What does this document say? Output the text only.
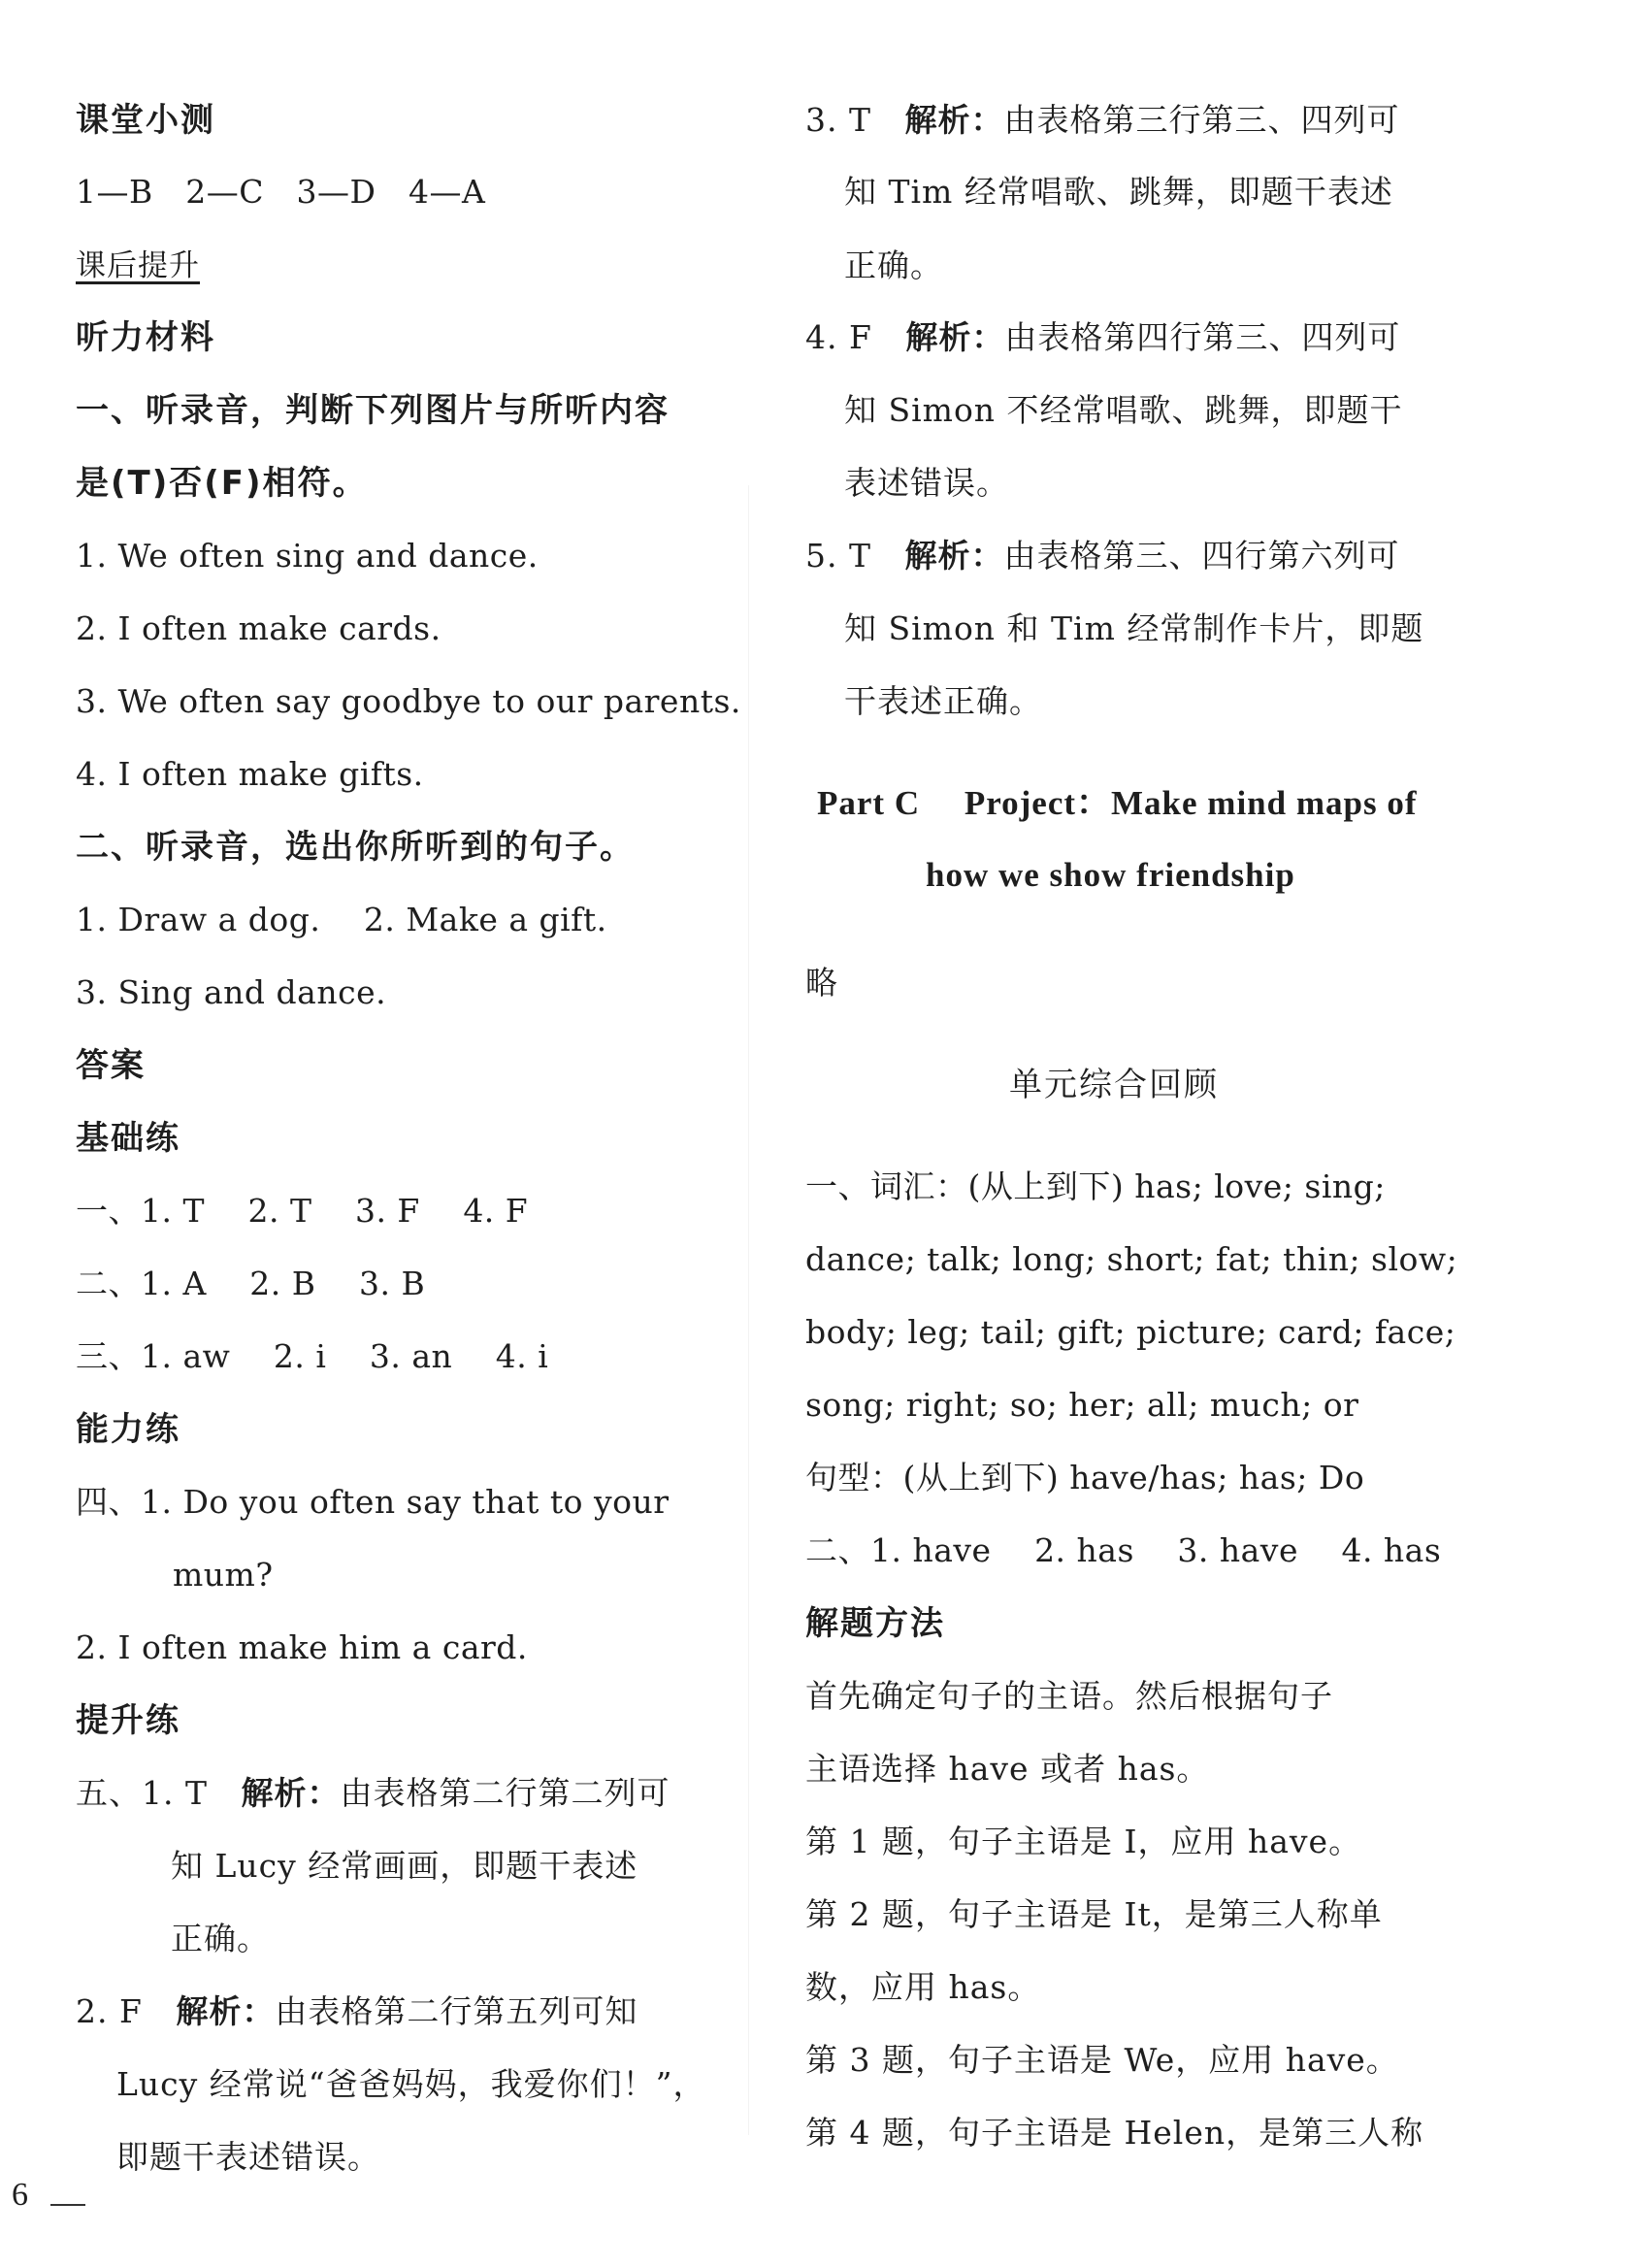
课堂小测
1—B　2—C　3—D　4—A
课后提升
听力材料
一、听录音，判断下列图片与所听内容
是(T)否(F)相符。
1. We often sing and dance.
2. I often make cards.
3. We often say goodbye to our parents.
4. I often make gifts.
二、听录音，选出你所听到的句子。
1. Draw a dog.　 2. Make a gift.
3. Sing and dance.
答案
基础练
一、1. T　 2. T　 3. F　 4. F
二、1. A　 2. B　 3. B
三、1. aw　 2. i　 3. an　 4. i
能力练
四、1. Do you often say that to your
mum?
2. I often make him a card.
提升练
五、1. T 解析：由表格第二行第二列可
知 Lucy 经常画画，即题干表述
正确。
2. F 解析：由表格第二行第五列可知
Lucy 经常说“爸爸妈妈，我爱你们！”，
即题干表述错误。
3. T 解析：由表格第三行第三、四列可
知 Tim 经常唱歌、跳舞，即题干表述
正确。
4. F 解析：由表格第四行第三、四列可
知 Simon 不经常唱歌、跳舞，即题干
表述错误。
5. T 解析：由表格第三、四行第六列可
知 Simon 和 Tim 经常制作卡片，即题
干表述正确。
Part C　 Project：Make mind maps of
how we show friendship
略
单元综合回顾
一、词汇：(从上到下) has; love; sing;
dance; talk; long; short; fat; thin; slow;
body; leg; tail; gift; picture; card; face;
song; right; so; her; all; much; or
句型：(从上到下) have/has; has; Do
二、1. have　 2. has　 3. have　 4. has
解题方法
首先确定句子的主语。然后根据句子
主语选择 have 或者 has。
第 1 题，句子主语是 I，应用 have。
第 2 题，句子主语是 It，是第三人称单
数，应用 has。
第 3 题，句子主语是 We，应用 have。
第 4 题，句子主语是 Helen，是第三人称
6
